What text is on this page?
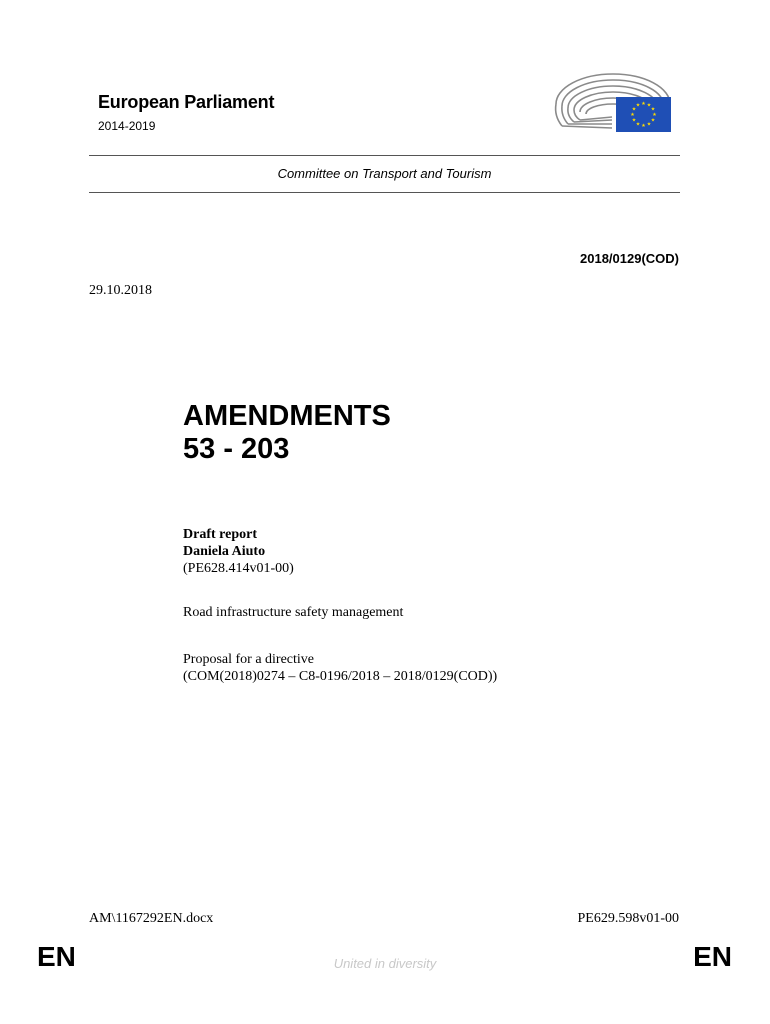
European Parliament
2014-2019
★ ★
★
★
★
★
★
★
★
★
★
★
Committee on Transport and Tourism
2018/0129(COD)
29.10.2018
AMENDMENTS
53 - 203
Draft report
Daniela Aiuto
(PE628.414v01-00)
Road infrastructure safety management
Proposal for a directive
(COM(2018)0274 – C8-0196/2018 – 2018/0129(COD))
AM\1167292EN.docx	PE629.598v01-00
EN	United in diversity	EN
